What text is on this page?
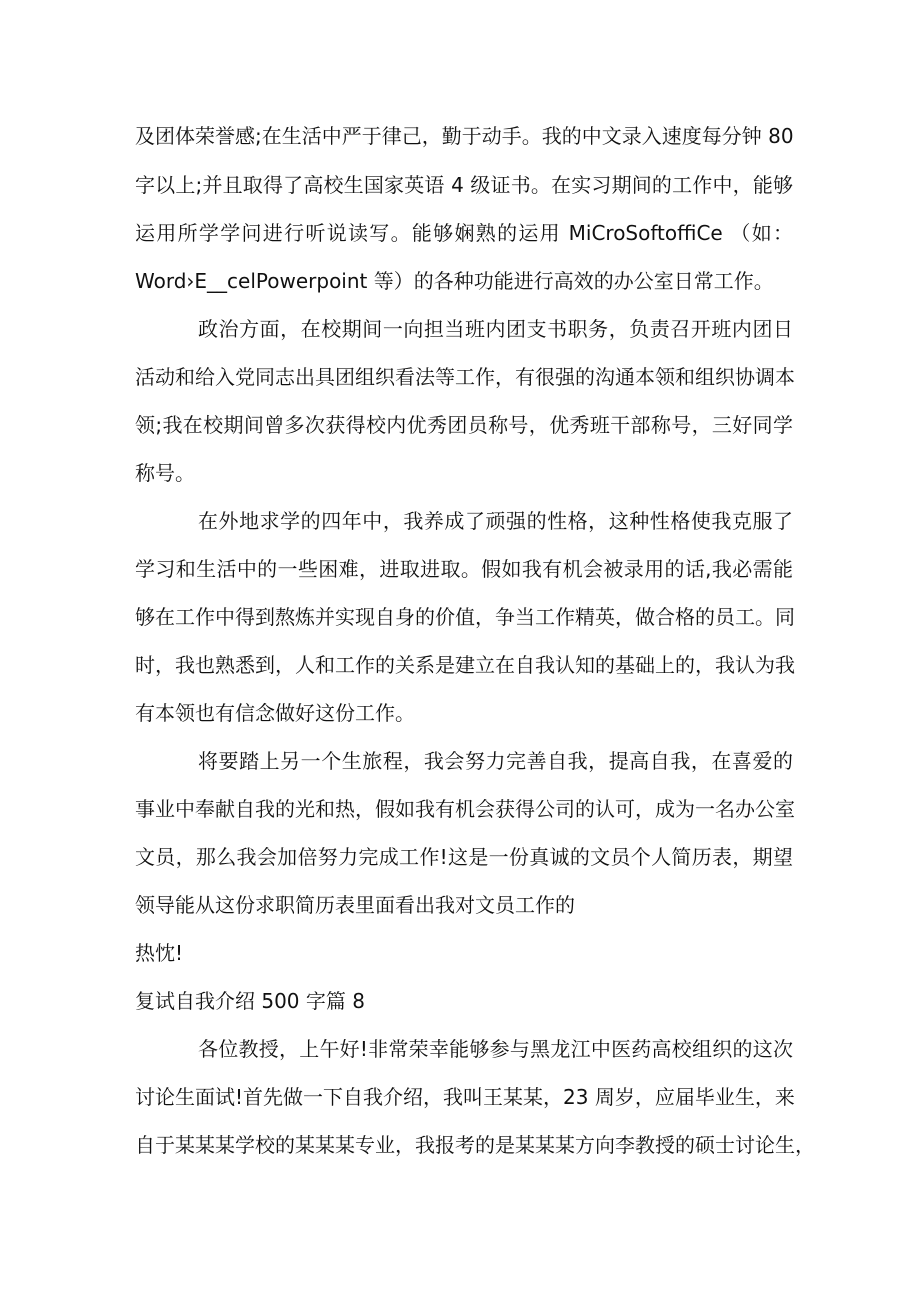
及团体荣誉感;在生活中严于律己，勤于动手。我的中文录入速度每分钟 80
字以上;并且取得了高校生国家英语 4 级证书。在实习期间的工作中，能够
运用所学学问进行听说读写。能够娴熟的运用 MiCroSoftoffiCe （如：
Word›E__celPowerpoint 等）的各种功能进行高效的办公室日常工作。
政治方面，在校期间一向担当班内团支书职务，负责召开班内团日
活动和给入党同志出具团组织看法等工作，有很强的沟通本领和组织协调本
领;我在校期间曾多次获得校内优秀团员称号，优秀班干部称号，三好同学
称号。
在外地求学的四年中，我养成了顽强的性格，这种性格使我克服了
学习和生活中的一些困难，进取进取。假如我有机会被录用的话,我必需能
够在工作中得到熬炼并实现自身的价值，争当工作精英，做合格的员工。同
时，我也熟悉到，人和工作的关系是建立在自我认知的基础上的，我认为我
有本领也有信念做好这份工作。
将要踏上另一个生旅程，我会努力完善自我，提高自我，在喜爱的
事业中奉献自我的光和热，假如我有机会获得公司的认可，成为一名办公室
文员，那么我会加倍努力完成工作!这是一份真诚的文员个人简历表，期望
领导能从这份求职简历表里面看出我对文员工作的
热忱!
复试自我介绍 500 字篇 8
各位教授，上午好!非常荣幸能够参与黑龙江中医药高校组织的这次
讨论生面试!首先做一下自我介绍，我叫王某某，23 周岁，应届毕业生，来
自于某某某学校的某某某专业，我报考的是某某某方向李教授的硕士讨论生，
